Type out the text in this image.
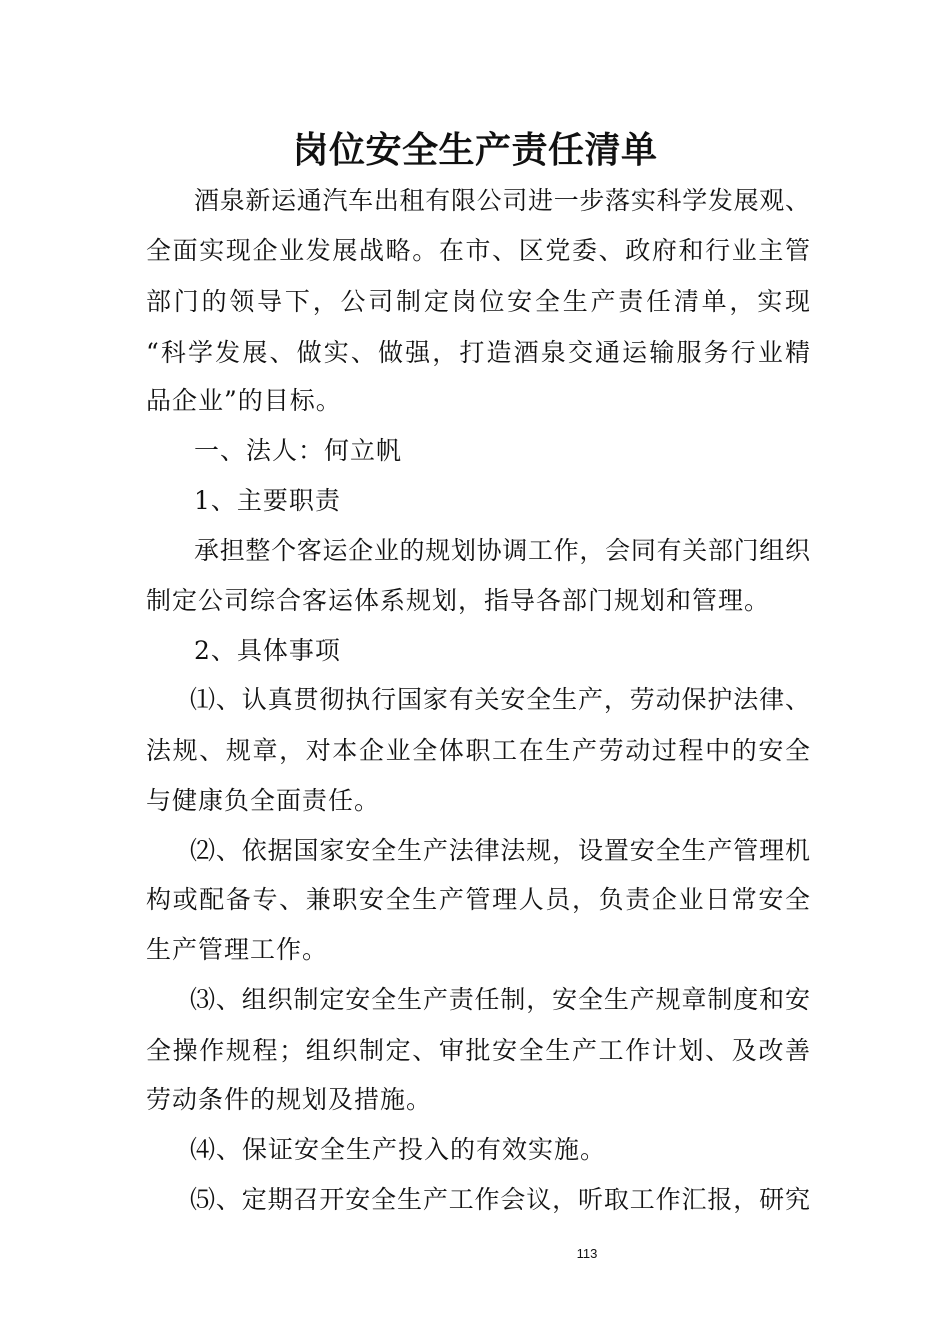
岗位安全生产责任清单
酒泉新运通汽车出租有限公司进一步落实科学发展观、
全面实现企业发展战略。在市、区党委、政府和行业主管
部门的领导下，公司制定岗位安全生产责任清单，实现
“科学发展、做实、做强，打造酒泉交通运输服务行业精
品企业”的目标。
一、法人：何立帆
1、主要职责
承担整个客运企业的规划协调工作，会同有关部门组织
制定公司综合客运体系规划，指导各部门规划和管理。
2、具体事项
⑴、认真贯彻执行国家有关安全生产，劳动保护法律、
法规、规章，对本企业全体职工在生产劳动过程中的安全
与健康负全面责任。
⑵、依据国家安全生产法律法规，设置安全生产管理机
构或配备专、兼职安全生产管理人员，负责企业日常安全
生产管理工作。
⑶、组织制定安全生产责任制，安全生产规章制度和安
全操作规程；组织制定、审批安全生产工作计划、及改善
劳动条件的规划及措施。
⑷、保证安全生产投入的有效实施。
⑸、定期召开安全生产工作会议，听取工作汇报，研究
113
